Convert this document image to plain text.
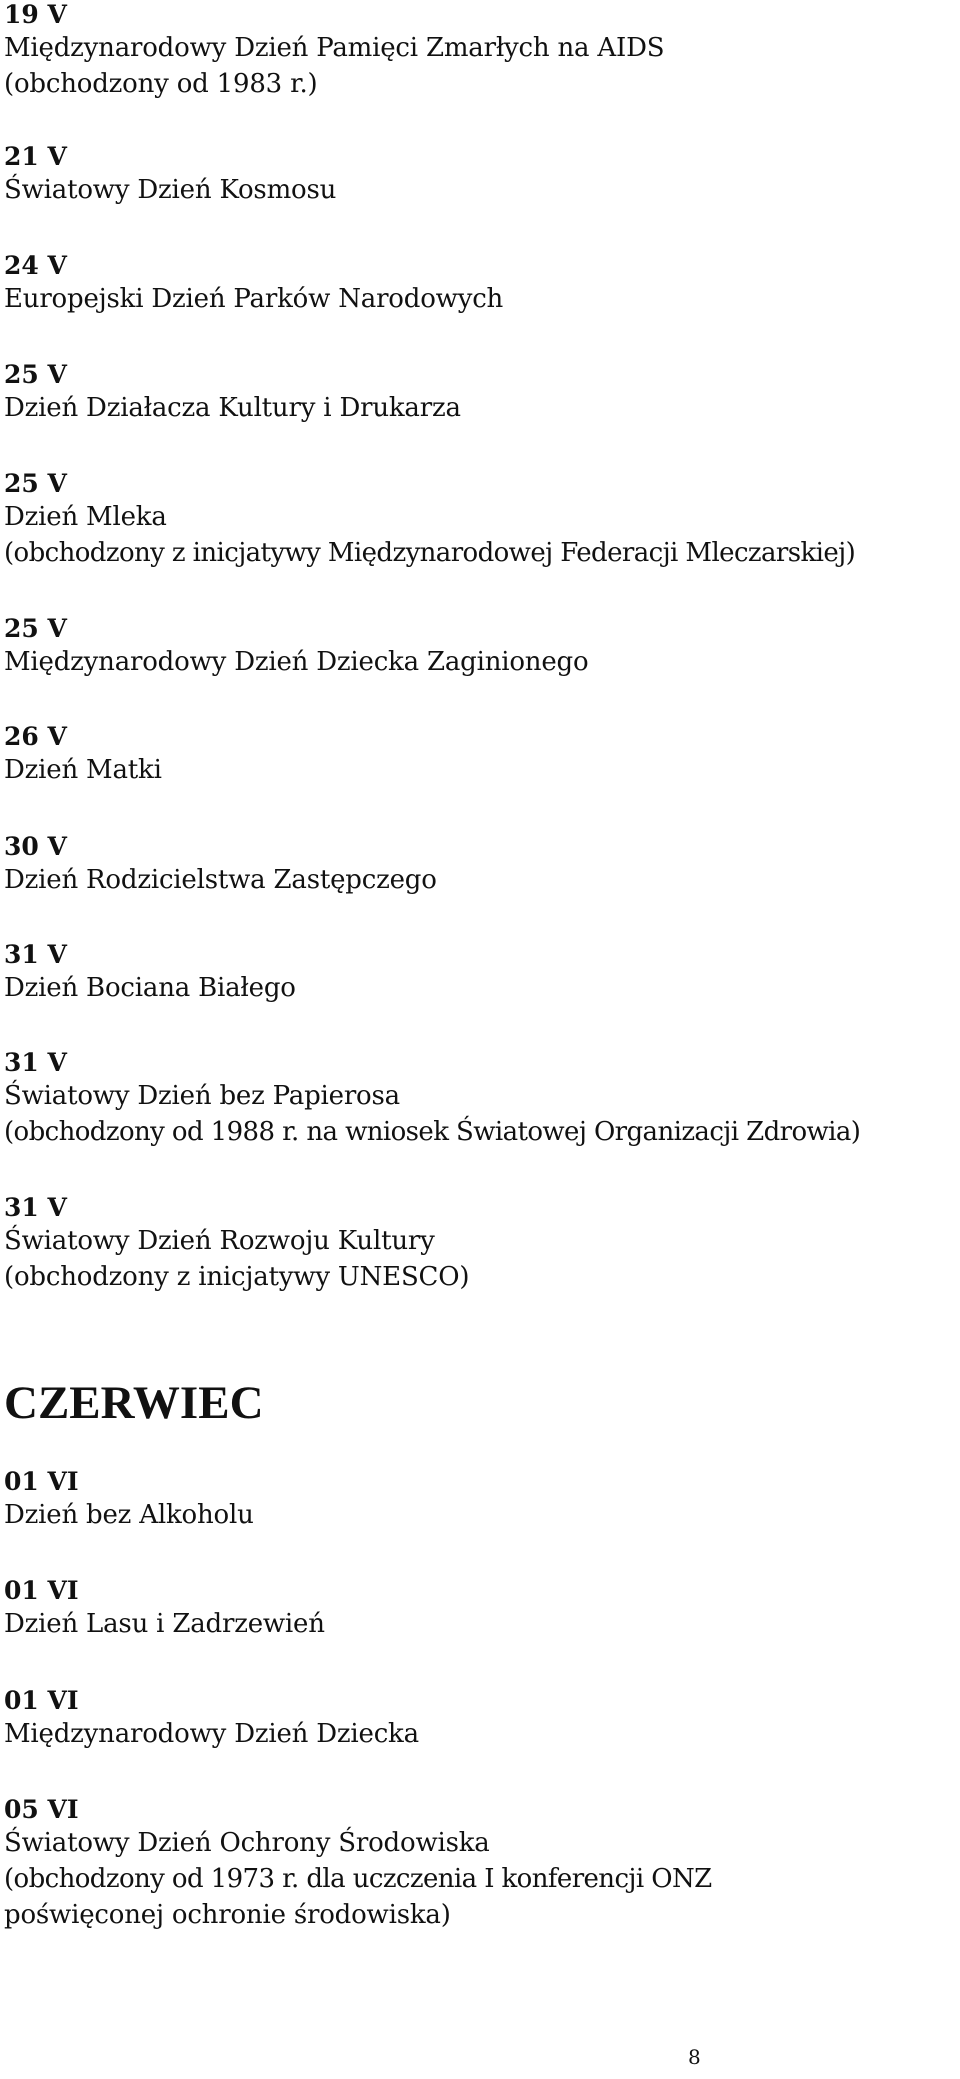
19 V
Międzynarodowy Dzień Pamięci Zmarłych na AIDS
(obchodzony od 1983 r.)
21 V
Światowy Dzień Kosmosu
24 V
Europejski Dzień Parków Narodowych
25 V
Dzień Działacza Kultury i Drukarza
25 V
Dzień Mleka
(obchodzony z inicjatywy Międzynarodowej Federacji Mleczarskiej)
25 V
Międzynarodowy Dzień Dziecka Zaginionego
26 V
Dzień Matki
30 V
Dzień Rodzicielstwa Zastępczego
31 V
Dzień Bociana Białego
31 V
Światowy Dzień bez Papierosa
(obchodzony od 1988 r. na wniosek Światowej Organizacji Zdrowia)
31 V
Światowy Dzień Rozwoju Kultury
(obchodzony z inicjatywy UNESCO)
CZERWIEC
01 VI
Dzień bez Alkoholu
01 VI
Dzień Lasu i Zadrzewień
01 VI
Międzynarodowy Dzień Dziecka
05 VI
Światowy Dzień Ochrony Środowiska
(obchodzony od 1973 r. dla uczczenia I konferencji ONZ
poświęconej ochronie środowiska)
8
